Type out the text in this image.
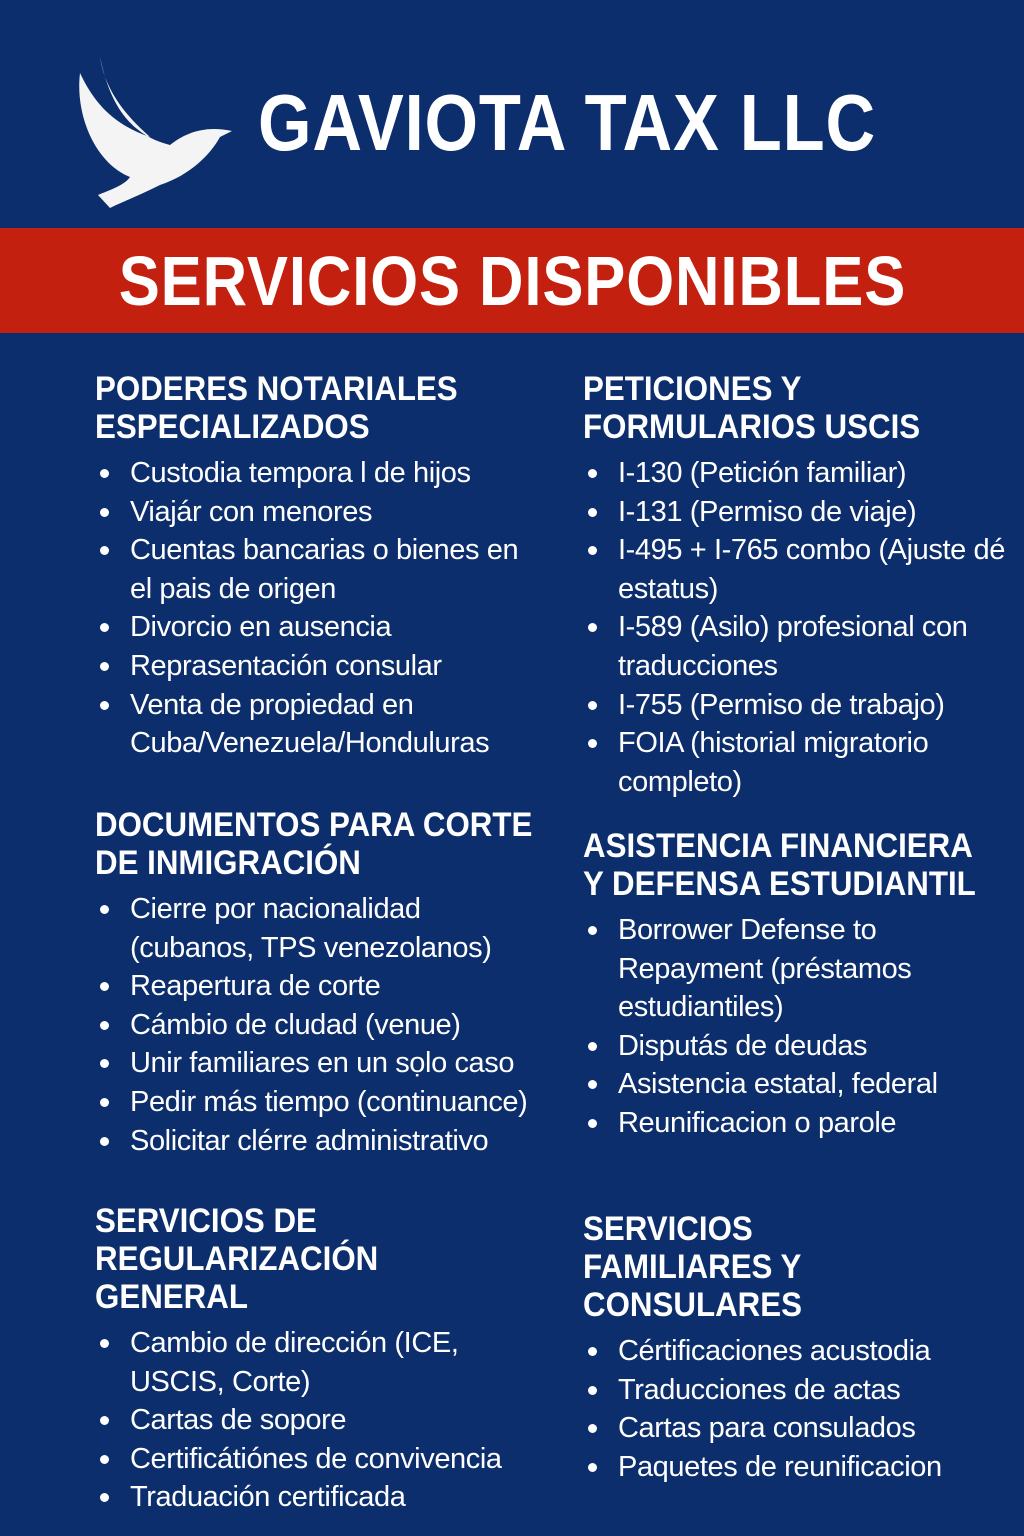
GAVIOTA TAX LLC
SERVICIOS DISPONIBLES
PODERES NOTARIALES ESPECIALIZADOS
Custodia tempora l de hijos
Viajár con menores
Cuentas bancarias o bienes en el pais de origen
Divorcio en ausencia
Reprasentación consular
Venta de propiedad en Cuba/Venezuela/Honduluras
DOCUMENTOS PARA CORTE DE INMIGRACIÓN
Cierre por nacionalidad (cubanos, TPS venezolanos)
Reapertura de corte
Cámbio de cludad (venue)
Unir familiares en un sọlo caso
Pedir más tiempo (continuance)
Solicitar clérre administrativo
SERVICIOS DE REGULARIZACIÓN GENERAL
Cambio de dirección (ICE, USCIS, Corte)
Cartas de sopore
Certificátiónes de convivencia
Traduación certificada
PETICIONES Y FORMULARIOS USCIS
I-130 (Petición familiar)
I-131 (Permiso de viaje)
I-495 + I-765 combo (Ajuste dé estatus)
I-589 (Asilo) profesional con traducciones
I-755 (Permiso de trabajo)
FOIA (historial migratorio completo)
ASISTENCIA FINANCIERA Y DEFENSA ESTUDIANTIL
Borrower Defense to Repayment (préstamos estudiantiles)
Disputás de deudas
Asistencia estatal, federal
Reunificacion o parole
SERVICIOS FAMILIARES Y CONSULARES
Cértificaciones acustodia
Traducciones de actas
Cartas para consulados
Paquetes de reunificacion
